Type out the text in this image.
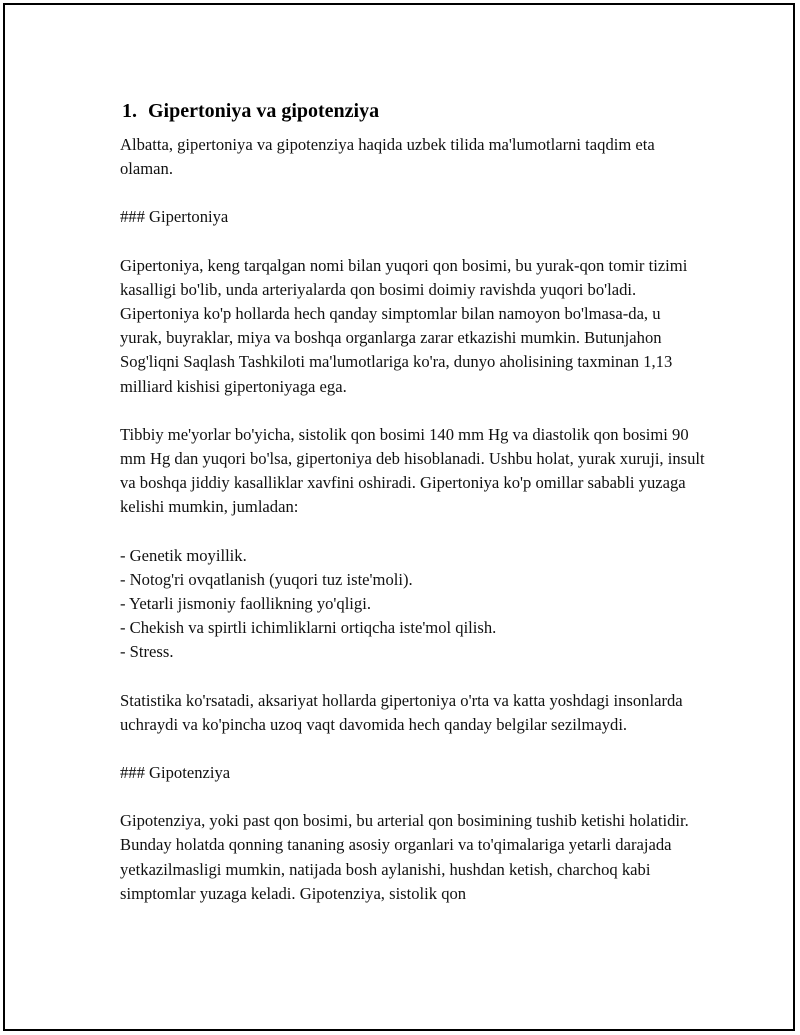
1. Gipertoniya va gipotenziya

Albatta, gipertoniya va gipotenziya haqida uzbek tilida ma'lumotlarni taqdim eta olaman.

### Gipertoniya

Gipertoniya, keng tarqalgan nomi bilan yuqori qon bosimi, bu yurak-qon tomir tizimi kasalligi bo'lib, unda arteriyalarda qon bosimi doimiy ravishda yuqori bo'ladi. Gipertoniya ko'p hollarda hech qanday simptomlar bilan namoyon bo'lmasa-da, u yurak, buyraklar, miya va boshqa organlarga zarar etkazishi mumkin. Butunjahon Sog'liqni Saqlash Tashkiloti ma'lumotlariga ko'ra, dunyo aholisining taxminan 1,13 milliard kishisi gipertoniyaga ega.

Tibbiy me'yorlar bo'yicha, sistolik qon bosimi 140 mm Hg va diastolik qon bosimi 90 mm Hg dan yuqori bo'lsa, gipertoniya deb hisoblanadi. Ushbu holat, yurak xuruji, insult va boshqa jiddiy kasalliklar xavfini oshiradi. Gipertoniya ko'p omillar sababli yuzaga kelishi mumkin, jumladan:

- Genetik moyillik.
- Notog'ri ovqatlanish (yuqori tuz iste'moli).
- Yetarli jismoniy faollikning yo'qligi.
- Chekish va spirtli ichimliklarni ortiqcha iste'mol qilish.
- Stress.

Statistika ko'rsatadi, aksariyat hollarda gipertoniya o'rta va katta yoshdagi insonlarda uchraydi va ko'pincha uzoq vaqt davomida hech qanday belgilar sezilmaydi.

### Gipotenziya

Gipotenziya, yoki past qon bosimi, bu arterial qon bosimining tushib ketishi holatidir. Bunday holatda qonning tananing asosiy organlari va to'qimalariga yetarli darajada yetkazilmasligi mumkin, natijada bosh aylanishi, hushdan ketish, charchoq kabi simptomlar yuzaga keladi. Gipotenziya, sistolik qon
